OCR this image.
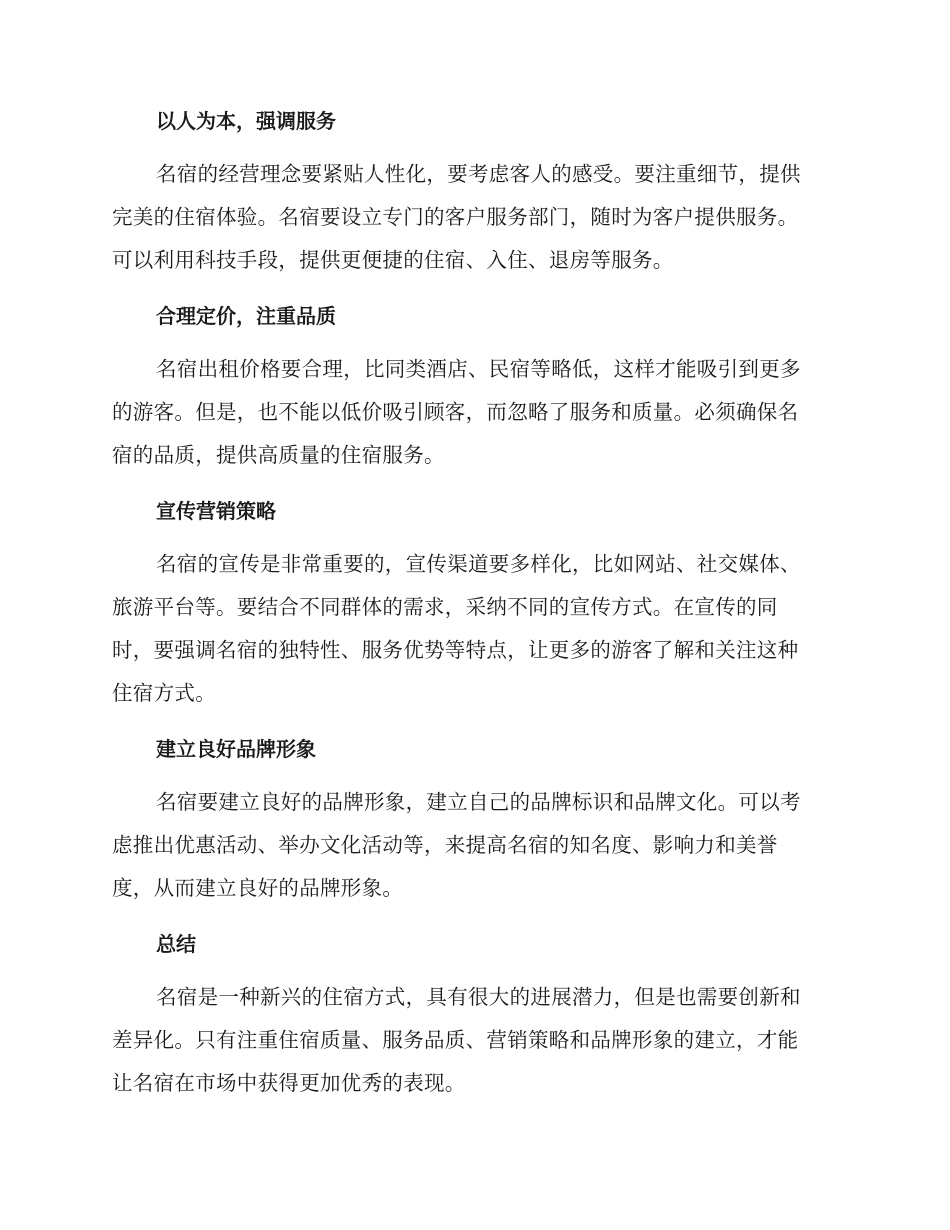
以人为本，强调服务

名宿的经营理念要紧贴人性化，要考虑客人的感受。要注重细节，提供
完美的住宿体验。名宿要设立专门的客户服务部门，随时为客户提供服务。
可以利用科技手段，提供更便捷的住宿、入住、退房等服务。

合理定价，注重品质

名宿出租价格要合理，比同类酒店、民宿等略低，这样才能吸引到更多
的游客。但是，也不能以低价吸引顾客，而忽略了服务和质量。必须确保名
宿的品质，提供高质量的住宿服务。

宣传营销策略

名宿的宣传是非常重要的，宣传渠道要多样化，比如网站、社交媒体、
旅游平台等。要结合不同群体的需求，采纳不同的宣传方式。在宣传的同
时，要强调名宿的独特性、服务优势等特点，让更多的游客了解和关注这种
住宿方式。

建立良好品牌形象

名宿要建立良好的品牌形象，建立自己的品牌标识和品牌文化。可以考
虑推出优惠活动、举办文化活动等，来提高名宿的知名度、影响力和美誉
度，从而建立良好的品牌形象。

总结

名宿是一种新兴的住宿方式，具有很大的进展潜力，但是也需要创新和
差异化。只有注重住宿质量、服务品质、营销策略和品牌形象的建立，才能
让名宿在市场中获得更加优秀的表现。
